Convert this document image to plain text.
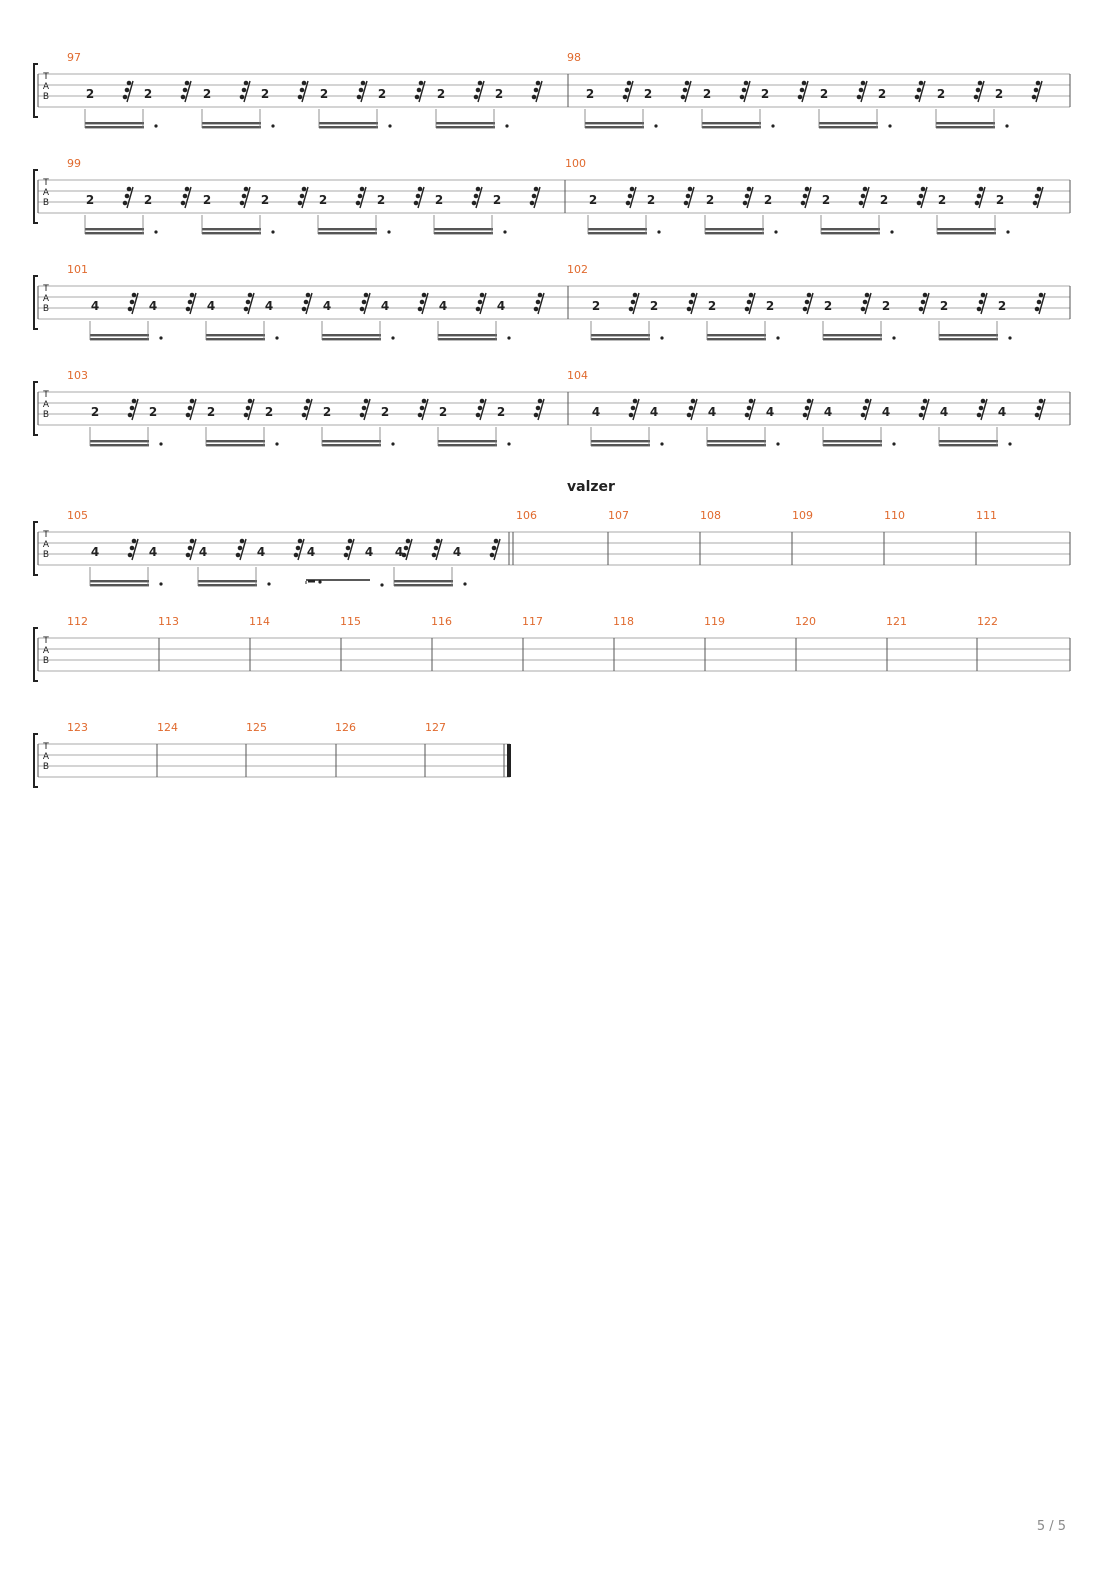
T
A
B
97
2	2	2	2	2	2	2	2
98
2	2	2	2	2	2	2	2
T
A
B
99
2	2	2	2	2	2	2	2
100
2	2	2	2	2	2	2	2
T
A
B
101
4	4	4	4	4	4	4	4
102
2	2	2	2	2	2	2	2
T
A
B
103
2	2	2	2	2	2	2	2
104
4	4	4	4	4	4	4	4
T
A
B
valzer
105
4	4	4	4	4	4 4	4
106	107	108	109	110	111
T
A
B
112	113	114	115	116	117	118	119	120	121	122
T
A
B
123	124	125	126	127
5 / 5
